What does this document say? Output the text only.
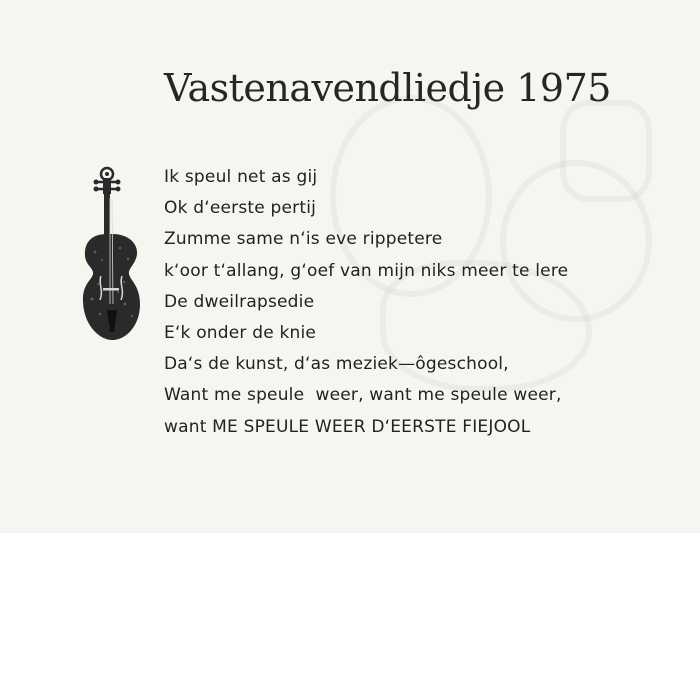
Vastenavendliedje 1975
Ik speul net as gij
Ok d‘eerste pertij
Zumme same n‘is eve rippetere
k‘oor t‘allang, g‘oef van mijn niks meer te lere
De dweilrapsedie
E‘k onder de knie
Da‘s de kunst, d‘as meziek—ôgeschool,
Want me speule  weer, want me speule weer,
want ME SPEULE WEER D‘EERSTE FIEJOOL
